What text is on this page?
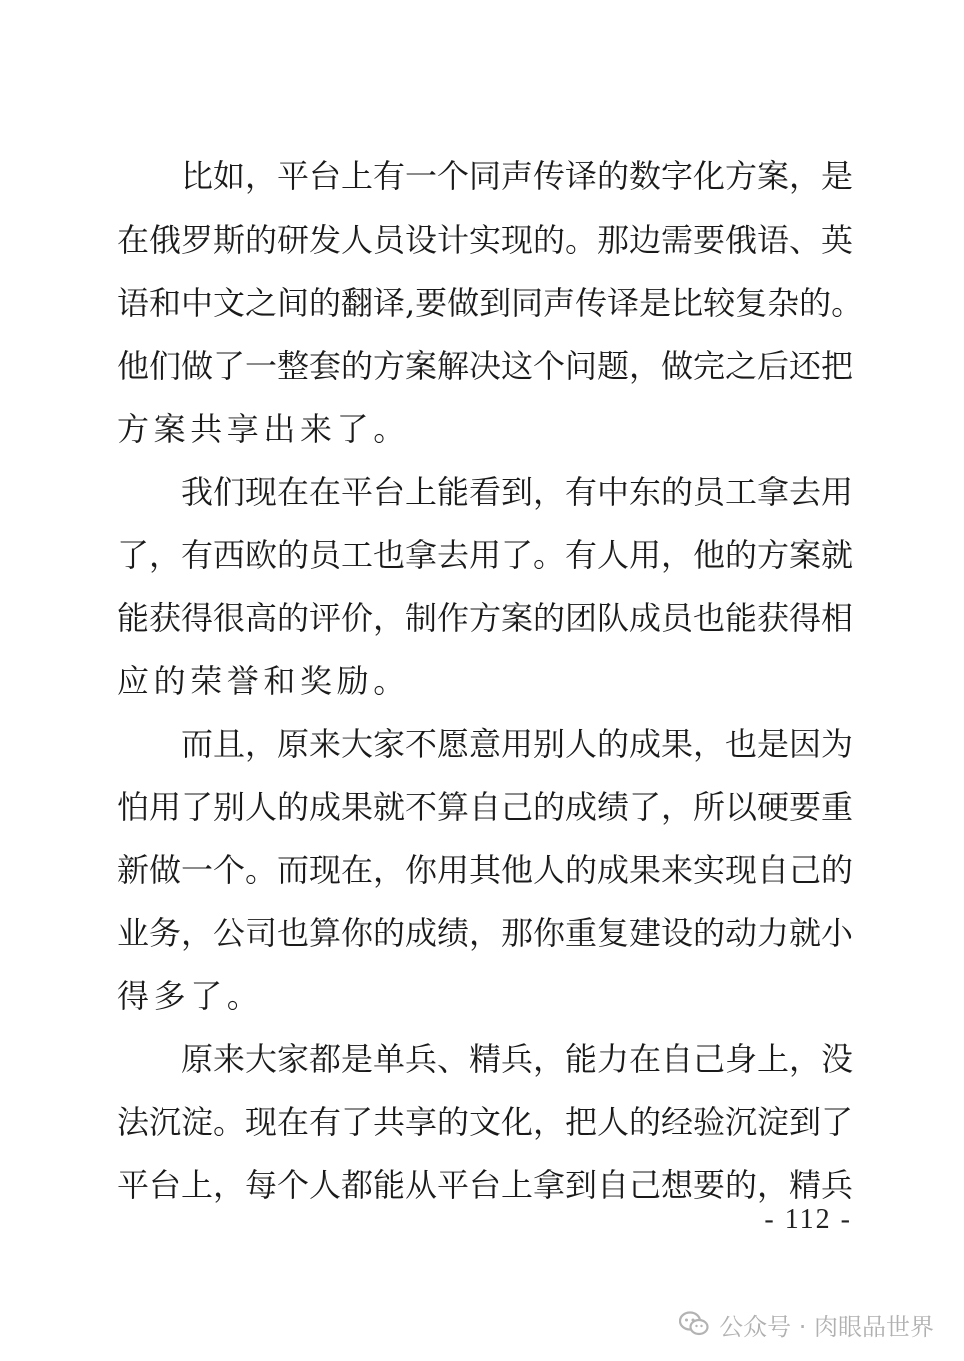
比如，平台上有一个同声传译的数字化方案，是
在俄罗斯的研发人员设计实现的。那边需要俄语、英
语和中文之间的翻译,要做到同声传译是比较复杂的。
他们做了一整套的方案解决这个问题，做完之后还把
方案共享出来了。
我们现在在平台上能看到，有中东的员工拿去用
了，有西欧的员工也拿去用了。有人用，他的方案就
能获得很高的评价，制作方案的团队成员也能获得相
应的荣誉和奖励。
而且，原来大家不愿意用别人的成果，也是因为
怕用了别人的成果就不算自己的成绩了，所以硬要重
新做一个。而现在，你用其他人的成果来实现自己的
业务，公司也算你的成绩，那你重复建设的动力就小
得多了。
原来大家都是单兵、精兵，能力在自己身上，没
法沉淀。现在有了共享的文化，把人的经验沉淀到了
平台上，每个人都能从平台上拿到自己想要的，精兵
- 112 -
公众号 · 肉眼品世界
